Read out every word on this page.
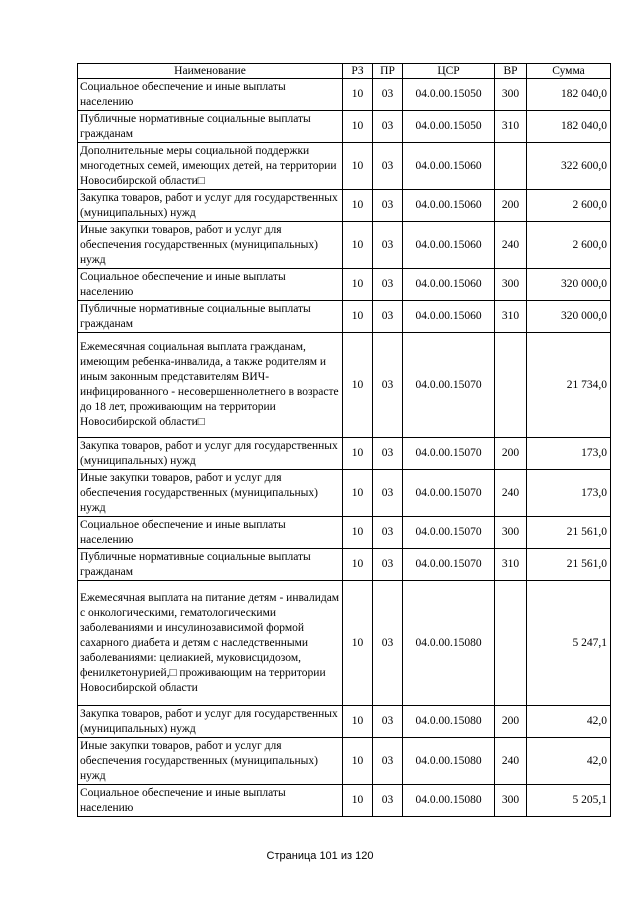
Наименование	РЗ	ПР	ЦСР	ВР	Сумма
Социальное обеспечение и иные выплаты населению	10	03	04.0.00.15050	300	182 040,0
Публичные нормативные социальные выплаты гражданам	10	03	04.0.00.15050	310	182 040,0
Дополнительные меры социальной поддержки многодетных семей, имеющих детей, на территории Новосибирской области□	10	03	04.0.00.15060		322 600,0
Закупка товаров, работ и услуг для государственных (муниципальных) нужд	10	03	04.0.00.15060	200	2 600,0
Иные закупки товаров, работ и услуг для обеспечения государственных (муниципальных) нужд	10	03	04.0.00.15060	240	2 600,0
Социальное обеспечение и иные выплаты населению	10	03	04.0.00.15060	300	320 000,0
Публичные нормативные социальные выплаты гражданам	10	03	04.0.00.15060	310	320 000,0
Ежемесячная социальная выплата гражданам, имеющим ребенка-инвалида, а также родителям и иным законным представителям ВИЧ-инфицированного - несовершеннолетнего в возрасте до 18 лет, проживающим на территории Новосибирской области□	10	03	04.0.00.15070		21 734,0
Закупка товаров, работ и услуг для государственных (муниципальных) нужд	10	03	04.0.00.15070	200	173,0
Иные закупки товаров, работ и услуг для обеспечения государственных (муниципальных) нужд	10	03	04.0.00.15070	240	173,0
Социальное обеспечение и иные выплаты населению	10	03	04.0.00.15070	300	21 561,0
Публичные нормативные социальные выплаты гражданам	10	03	04.0.00.15070	310	21 561,0
Ежемесячная выплата на питание детям - инвалидам с онкологическими, гематологическими заболеваниями и инсулинозависимой формой сахарного диабета и детям с наследственными заболеваниями: целиакией, муковисцидозом, фенилкетонурией,□ проживающим на территории Новосибирской области	10	03	04.0.00.15080		5 247,1
Закупка товаров, работ и услуг для государственных (муниципальных) нужд	10	03	04.0.00.15080	200	42,0
Иные закупки товаров, работ и услуг для обеспечения государственных (муниципальных) нужд	10	03	04.0.00.15080	240	42,0
Социальное обеспечение и иные выплаты населению	10	03	04.0.00.15080	300	5 205,1
Страница 101 из 120
